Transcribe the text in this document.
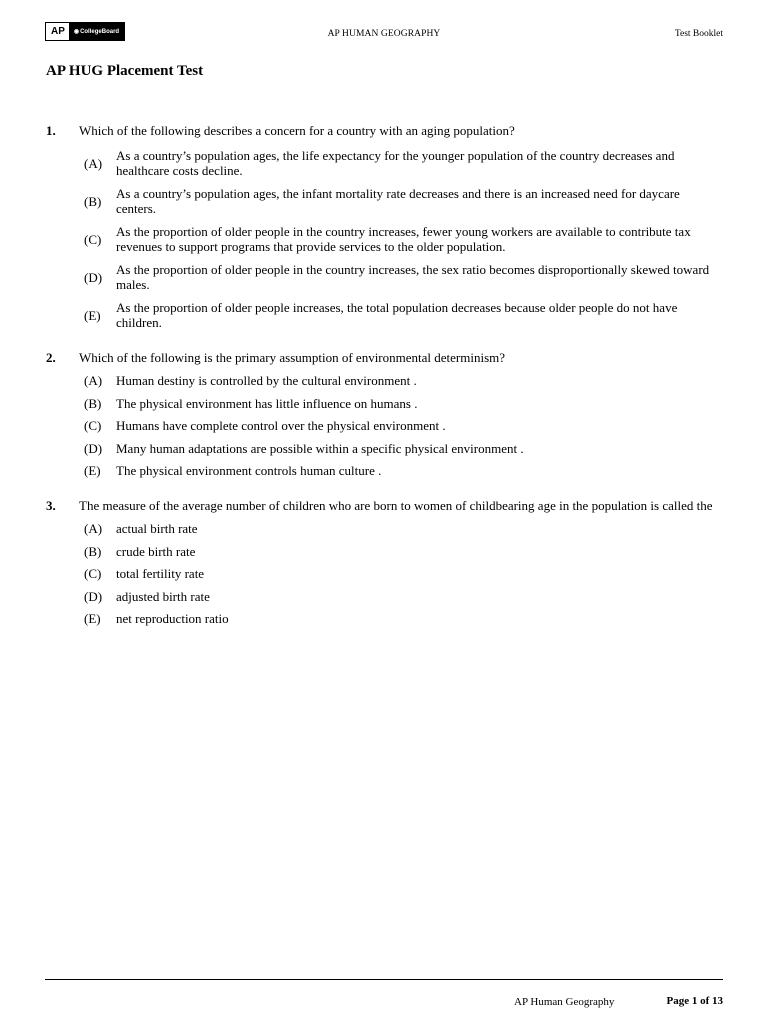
AP	◉ CollegeBoard	AP HUMAN GEOGRAPHY	Test Booklet
AP HUG Placement Test
1.	Which of the following describes a concern for a country with an aging population?
(A)	As a country’s population ages, the life expectancy for the younger population of the country decreases and healthcare costs decline.
(B)	As a country’s population ages, the infant mortality rate decreases and there is an increased need for daycare centers.
(C)	As the proportion of older people in the country increases, fewer young workers are available to contribute tax revenues to support programs that provide services to the older population.
(D)	As the proportion of older people in the country increases, the sex ratio becomes disproportionally skewed toward males.
(E)	As the proportion of older people increases, the total population decreases because older people do not have children.
2.	Which of the following is the primary assumption of environmental determinism?
(A)	Human destiny is controlled by the cultural environment .
(B)	The physical environment has little influence on humans .
(C)	Humans have complete control over the physical environment .
(D)	Many human adaptations are possible within a specific physical environment .
(E)	The physical environment controls human culture .
3.	The measure of the average number of children who are born to women of childbearing age in the population is called the
(A)	actual birth rate
(B)	crude birth rate
(C)	total fertility rate
(D)	adjusted birth rate
(E)	net reproduction ratio
AP Human Geography	Page 1 of 13
